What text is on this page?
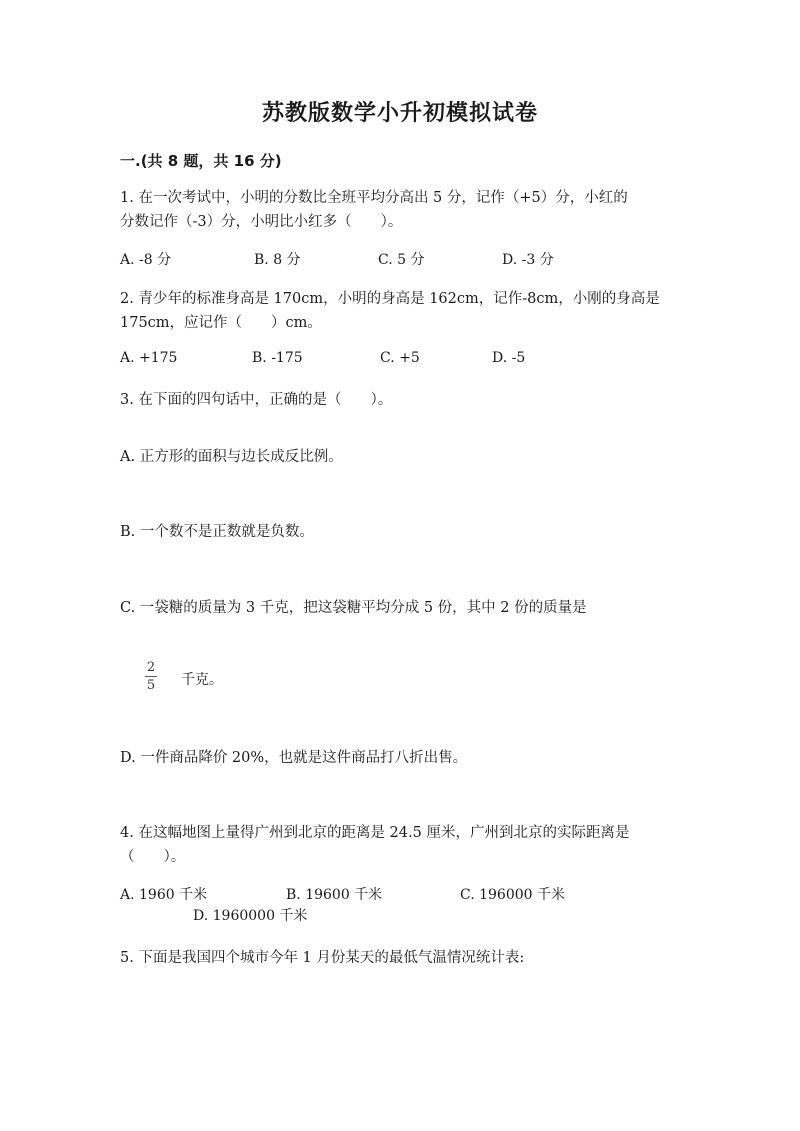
苏教版数学小升初模拟试卷
一.(共 8 题，共 16 分)
1. 在一次考试中，小明的分数比全班平均分高出 5 分，记作（+5）分，小红的
分数记作（-3）分，小明比小红多（　　）。
A. -8 分	B. 8 分	C. 5 分	D. -3 分
2. 青少年的标准身高是 170cm，小明的身高是 162cm，记作-8cm，小刚的身高是
175cm，应记作（　　）cm。
A. +175	B. -175	C. +5	D. -5
3. 在下面的四句话中，正确的是（　　）。
A. 正方形的面积与边长成反比例。
B. 一个数不是正数就是负数。
C. 一袋糖的质量为 3 千克，把这袋糖平均分成 5 份，其中 2 份的质量是
2
5 千克。
D. 一件商品降价 20%，也就是这件商品打八折出售。
4. 在这幅地图上量得广州到北京的距离是 24.5 厘米，广州到北京的实际距离是
（　　）。
A. 1960 千米	B. 19600 千米	C. 196000 千米
D. 1960000 千米
5. 下面是我国四个城市今年 1 月份某天的最低气温情况统计表:
